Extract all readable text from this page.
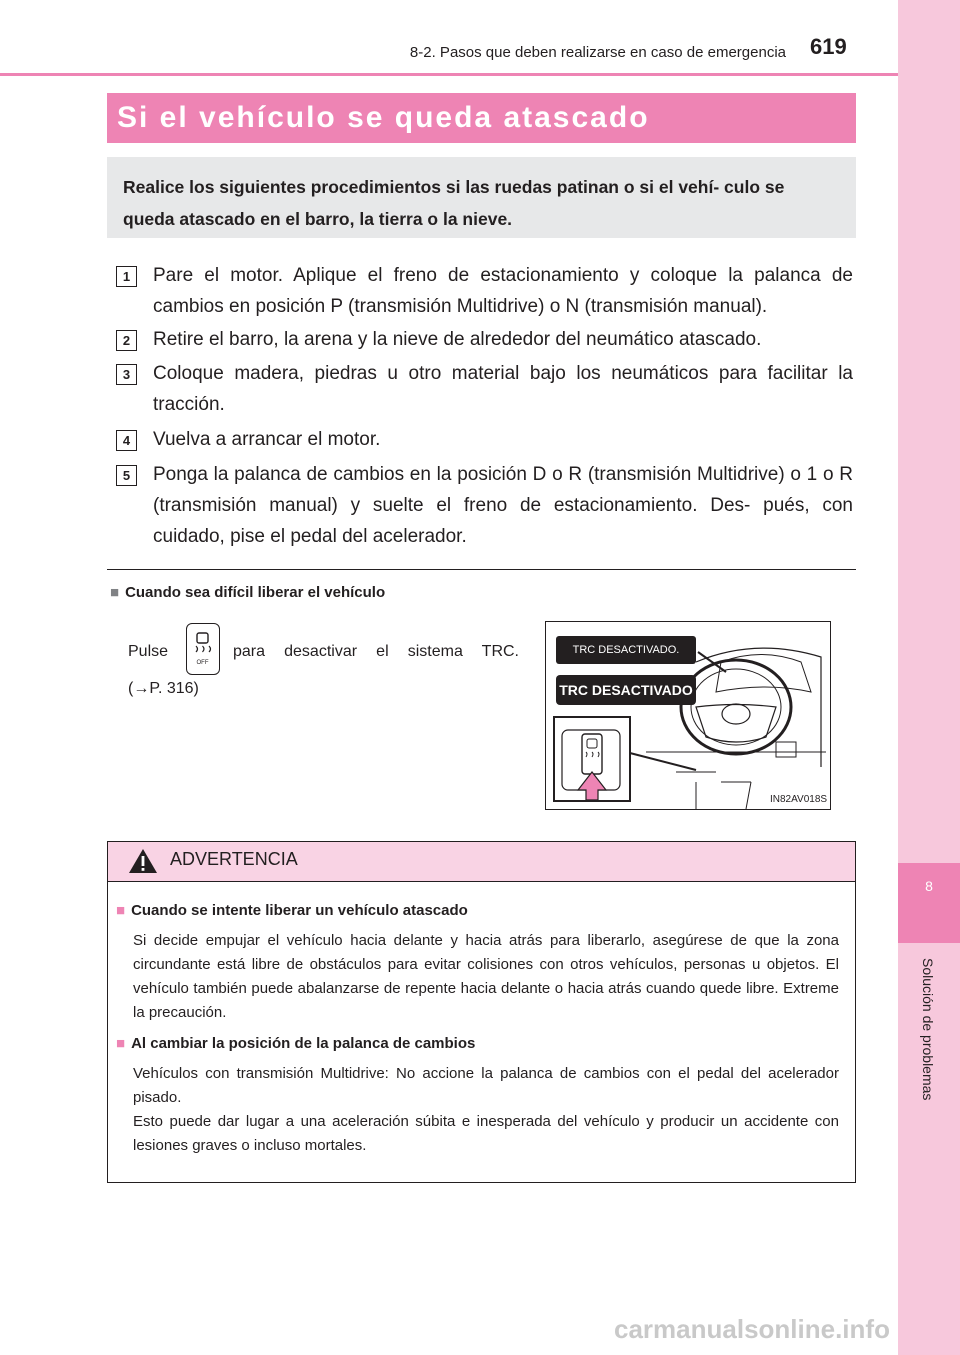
8
Solución de problemas
8-2. Pasos que deben realizarse en caso de emergencia 619
Si el vehículo se queda atascado
Realice los siguientes procedimientos si las ruedas patinan o si el vehí- culo se queda atascado en el barro, la tierra o la nieve.
1	Pare el motor. Aplique el freno de estacionamiento y coloque la palanca de cambios en posición P (transmisión Multidrive) o N (transmisión manual).
2	Retire el barro, la arena y la nieve de alrededor del neumático atascado.
3	Coloque madera, piedras u otro material bajo los neumáticos para facilitar la tracción.
4	Vuelva a arrancar el motor.
5	Ponga la palanca de cambios en la posición D o R (transmisión Multidrive) o 1 o R (transmisión manual) y suelte el freno de estacionamiento. Des- pués, con cuidado, pise el pedal del acelerador.
■ Cuando sea difícil liberar el vehículo
Pulse
OFF
para desactivar el sistema TRC.
(→P. 316)
TRC DESACTIVADO.
TRC DESACTIVADO
IN82AV018S
ADVERTENCIA
■ Cuando se intente liberar un vehículo atascado
Si decide empujar el vehículo hacia delante y hacia atrás para liberarlo, asegúrese de que la zona circundante está libre de obstáculos para evitar colisiones con otros vehículos, personas u objetos. El vehículo también puede abalanzarse de repente hacia delante o hacia atrás cuando quede libre. Extreme la precaución.
■ Al cambiar la posición de la palanca de cambios
Vehículos con transmisión Multidrive: No accione la palanca de cambios con el pedal del acelerador pisado.
Esto puede dar lugar a una aceleración súbita e inesperada del vehículo y producir un accidente con lesiones graves o incluso mortales.
carmanualsonline.info
